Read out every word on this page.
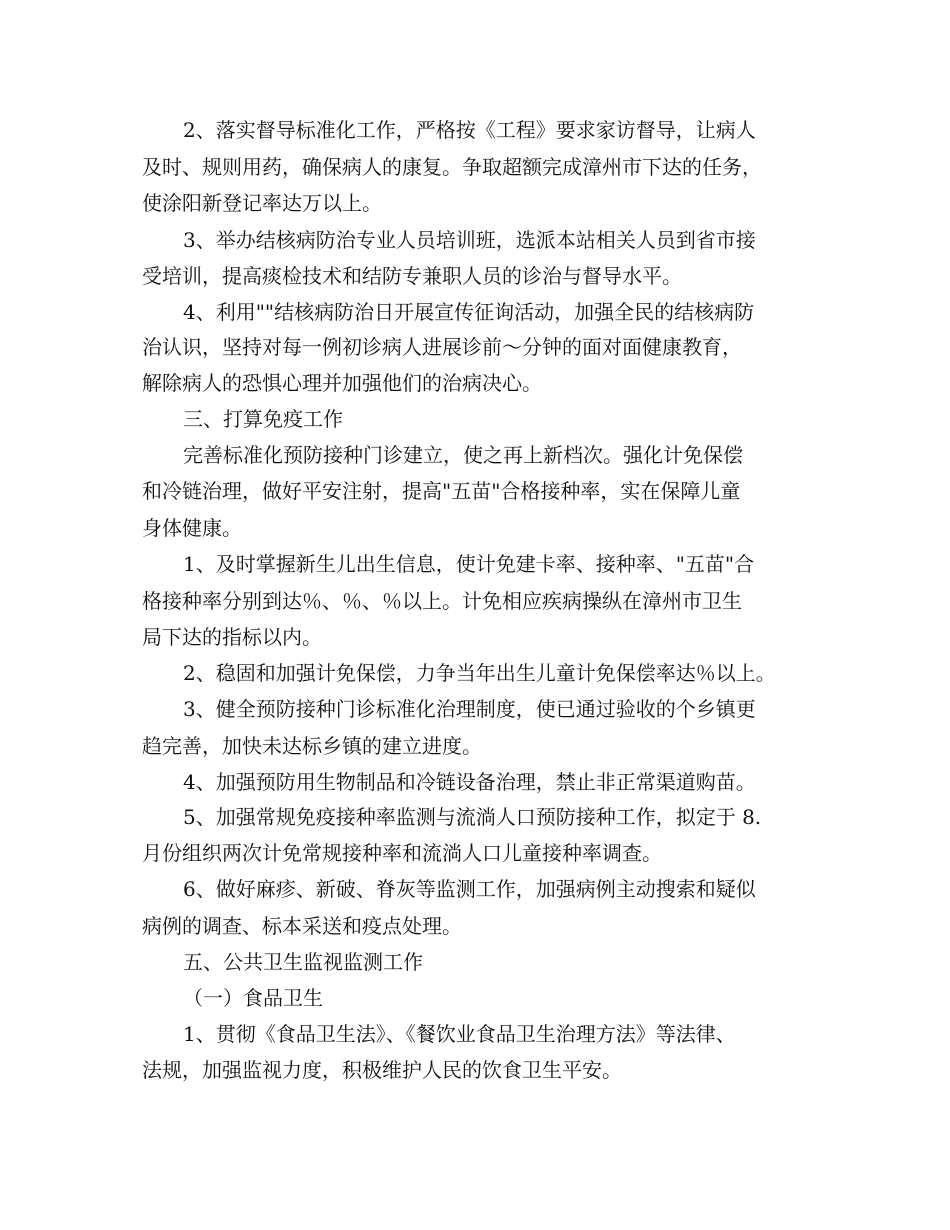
2、落实督导标准化工作，严格按《工程》要求家访督导，让病人
及时、规则用药，确保病人的康复。争取超额完成漳州市下达的任务，
使涂阳新登记率达万以上。
3、举办结核病防治专业人员培训班，选派本站相关人员到省市接
受培训，提高痰检技术和结防专兼职人员的诊治与督导水平。
4、利用""结核病防治日开展宣传征询活动，加强全民的结核病防
治认识，坚持对每一例初诊病人进展诊前～分钟的面对面健康教育，
解除病人的恐惧心理并加强他们的治病决心。
三、打算免疫工作
完善标准化预防接种门诊建立，使之再上新档次。强化计免保偿
和冷链治理，做好平安注射，提高"五苗"合格接种率，实在保障儿童
身体健康。
1、及时掌握新生儿出生信息，使计免建卡率、接种率、"五苗"合
格接种率分别到达％、％、％以上。计免相应疾病操纵在漳州市卫生
局下达的指标以内。
2、稳固和加强计免保偿，力争当年出生儿童计免保偿率达％以上。
3、健全预防接种门诊标准化治理制度，使已通过验收的个乡镇更
趋完善，加快未达标乡镇的建立进度。
4、加强预防用生物制品和冷链设备治理，禁止非正常渠道购苗。
5、加强常规免疫接种率监测与流淌人口预防接种工作，拟定于 8.
月份组织两次计免常规接种率和流淌人口儿童接种率调查。
6、做好麻疹、新破、脊灰等监测工作，加强病例主动搜索和疑似
病例的调查、标本采送和疫点处理。
五、公共卫生监视监测工作
（一）食品卫生
1、贯彻《食品卫生法》、《餐饮业食品卫生治理方法》等法律、
法规，加强监视力度，积极维护人民的饮食卫生平安。
